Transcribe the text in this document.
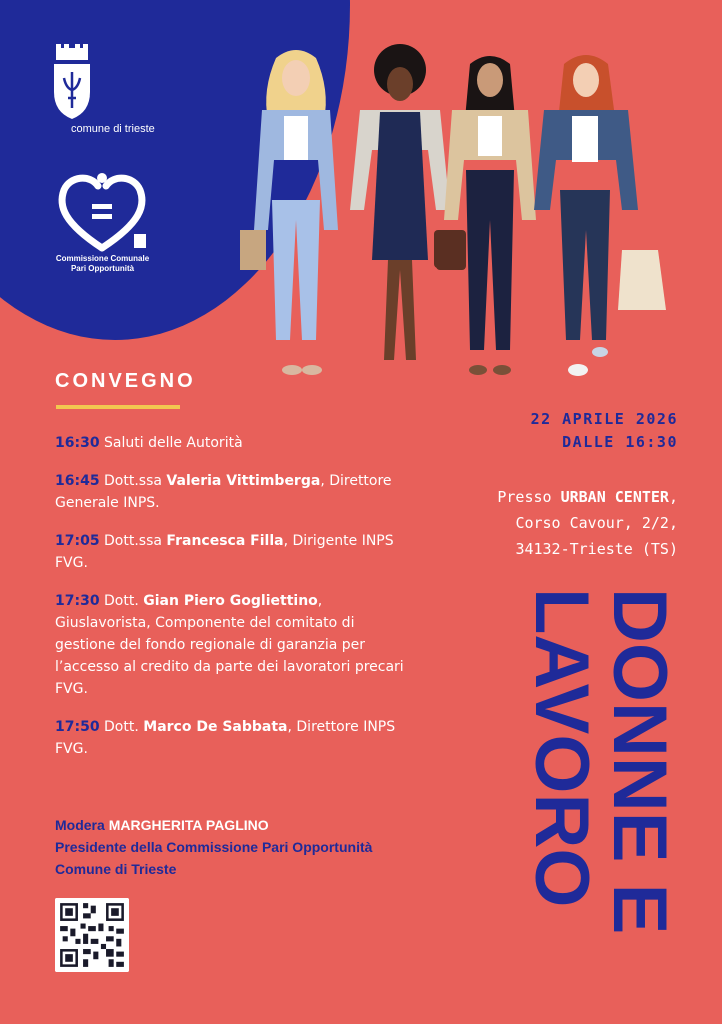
comune di trieste
Commissione Comunale
Pari Opportunità
CONVEGNO
16:30 Saluti delle Autorità
16:45 Dott.ssa Valeria Vittimberga, Direttore Generale INPS.
17:05 Dott.ssa Francesca Filla, Dirigente INPS FVG.
17:30 Dott. Gian Piero Gogliettino, Giuslavorista, Componente del comitato di gestione del fondo regionale di garanzia per l’accesso al credito da parte dei lavoratori precari FVG.
17:50 Dott. Marco De Sabbata, Direttore INPS FVG.
Modera MARGHERITA PAGLINO
Presidente della Commissione Pari Opportunità Comune di Trieste
22 APRILE 2026
DALLE 16:30
Presso URBAN CENTER,
Corso Cavour, 2/2,
34132-Trieste (TS)
DONNE E
LAVORO
